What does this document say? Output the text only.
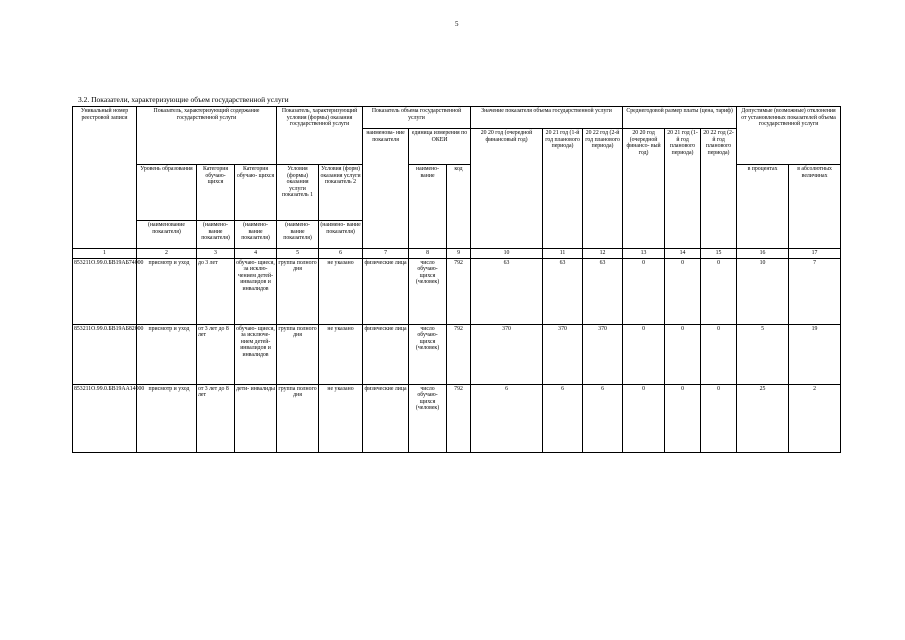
5
3.2. Показатели, характеризующие объем государственной услуги
Уникальный номер реестровой записи	Показатель, характеризующий содержание государственной услуги			Показатель, характеризующий условия (формы) оказания государственной услуги		Показатель объема государственной услуги			Значение показателя объема государственной услуги			Среднегодовой размер платы (цена, тариф)			Допустимые (возможные) отклонения от установленных показателей объема государственной услуги	
						наименова- ние показателя	единица измерения по ОКЕИ		20 20 год (очередной финансовый год)	20 21 год (1-й год планового периода)	20 22 год (2-й год планового периода)	20 20 год (очередной финансо- вый год)	20 21 год (1-й год планового периода)	20 22 год (2-й год планового периода)		
	Уровень образования	Категория обучаю- щихся	Категория обучаю- щихся	Условия (формы) оказания услуги показатель 1	Условия (форм) оказания услуги показатель 2		наимено- вание	код							в процентах	в абсолютных величинах
	(наименование показателя)	(наимено- вание показателя)	(наимено- вание показателя)	(наимено- вание показателя)	(наимено- вание показателя)											
1	2	3	4	5	6	7	8	9	10	11	12	13	14	15	16	17
853211О.99.0.БВ19АБ74000	присмотр и уход	до 3 лет	обучаю- щиеся, за исклю- чением детей- инвалидов и инвалидов	группа полного дня	не указано	физические лица	число обучаю- щихся (человек)	792	63	63	63	0	0	0	10	7
853211О.99.0.БВ19АБ82000	присмотр и уход	от 3 лет до 8 лет	обучаю- щиеся, за исключе- нием детей- инвалидов и инвалидов	группа полного дня	не указано	физические лица	число обучаю- щихся (человек)	792	370	370	370	0	0	0	5	19
853211О.99.0.БВ19АА14000	присмотр и уход	от 3 лет до 8 лет	дети- инвалиды	группа полного дня	не указано	физические лица	число обучаю- щихся (человек)	792	6	6	6	0	0	0	25	2
